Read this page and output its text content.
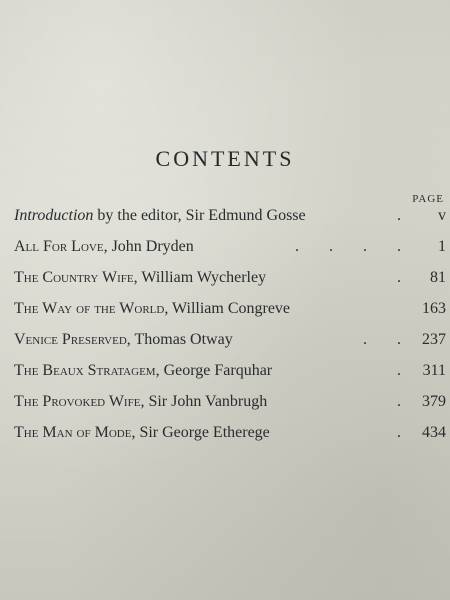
CONTENTS
PAGE
Introduction by the editor, Sir Edmund Gosse	.	v
All For Love, John Dryden	. . . .	1
The Country Wife, William Wycherley	.	81
The Way of the World, William Congreve	163
Venice Preserved, Thomas Otway	. . 237
The Beaux Stratagem, George Farquhar	. 311
The Provoked Wife, Sir John Vanbrugh	. 379
The Man of Mode, Sir George Etherege	. 434
